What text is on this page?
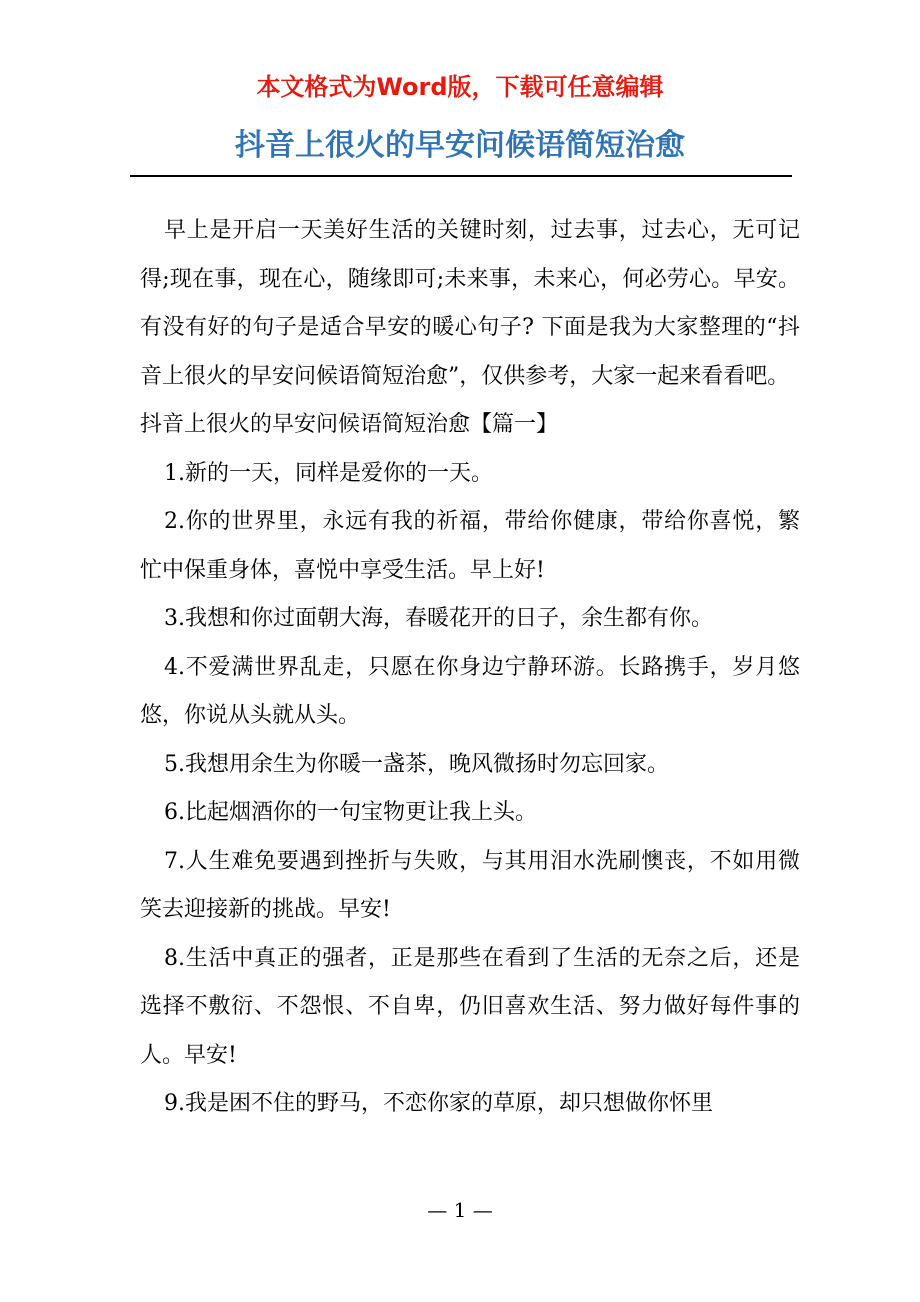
本文格式为Word版，下载可任意编辑

抖音上很火的早安问候语简短治愈

早上是开启一天美好生活的关键时刻，过去事，过去心，无可记得;现在事，现在心，随缘即可;未来事，未来心，何必劳心。早安。有没有好的句子是适合早安的暖心句子? 下面是我为大家整理的“抖音上很火的早安问候语简短治愈”，仅供参考，大家一起来看看吧。

抖音上很火的早安问候语简短治愈【篇一】

1.新的一天，同样是爱你的一天。

2.你的世界里，永远有我的祈福，带给你健康，带给你喜悦，繁忙中保重身体，喜悦中享受生活。早上好!

3.我想和你过面朝大海，春暖花开的日子，余生都有你。

4.不爱满世界乱走，只愿在你身边宁静环游。长路携手，岁月悠悠，你说从头就从头。

5.我想用余生为你暖一盏茶，晚风微扬时勿忘回家。

6.比起烟酒你的一句宝物更让我上头。

7.人生难免要遇到挫折与失败，与其用泪水洗刷懊丧，不如用微笑去迎接新的挑战。早安!

8.生活中真正的强者，正是那些在看到了生活的无奈之后，还是选择不敷衍、不怨恨、不自卑，仍旧喜欢生活、努力做好每件事的人。早安!

9.我是困不住的野马，不恋你家的草原，却只想做你怀里

— 1 —
